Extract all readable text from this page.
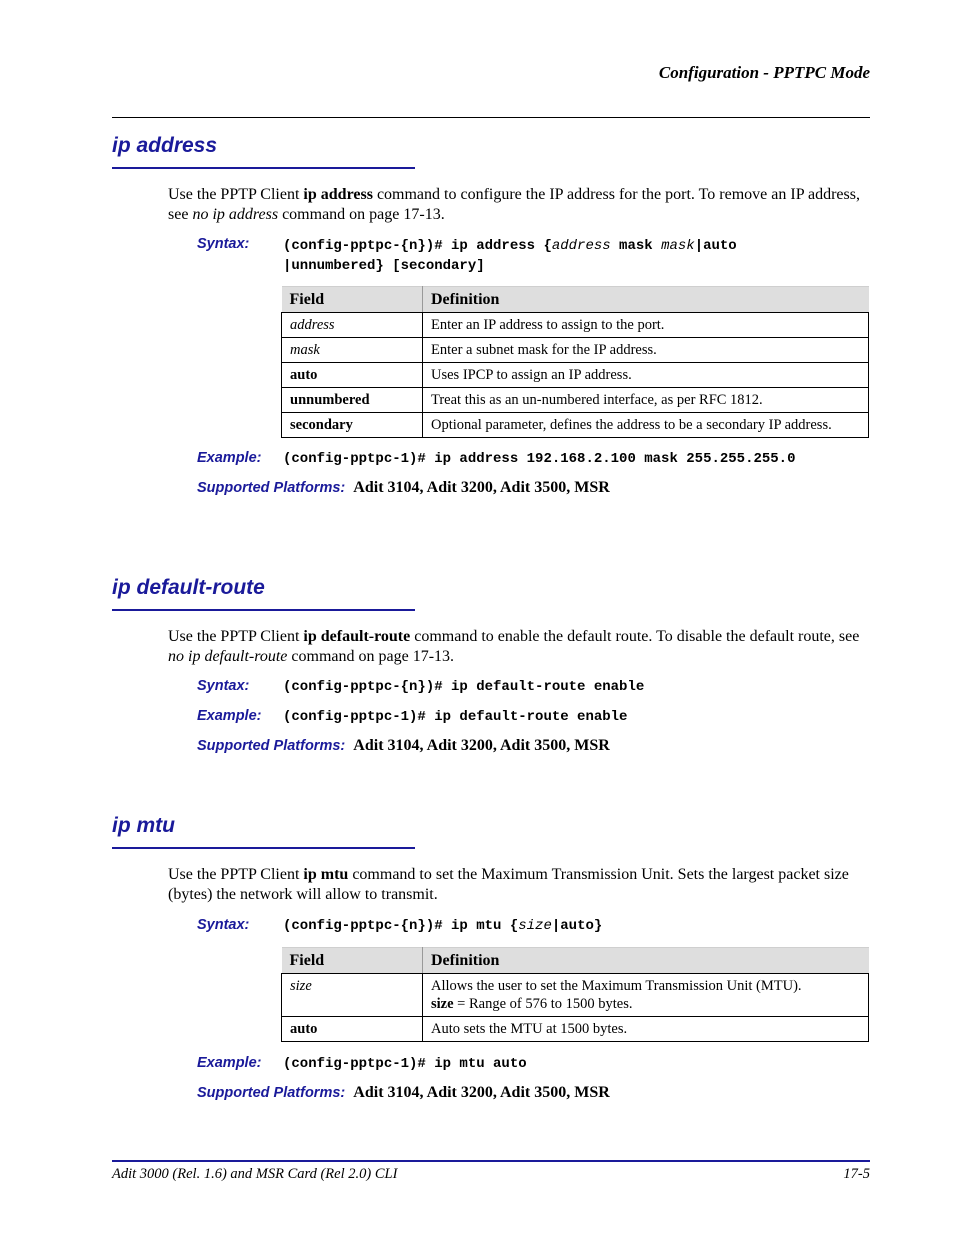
Configuration - PPTPC Mode
ip address
Use the PPTP Client ip address command to configure the IP address for the port. To remove an IP address, see no ip address command on page 17-13.
Syntax: (config-pptpc-{n})# ip address {address mask mask|auto
|unnumbered} [secondary]
Field	Definition
address	Enter an IP address to assign to the port.
mask	Enter a subnet mask for the IP address.
auto	Uses IPCP to assign an IP address.
unnumbered	Treat this as an un-numbered interface, as per RFC 1812.
secondary	Optional parameter, defines the address to be a secondary IP address.
Example: (config-pptpc-1)# ip address 192.168.2.100 mask 255.255.255.0
Supported Platforms: Adit 3104, Adit 3200, Adit 3500, MSR
ip default-route
Use the PPTP Client ip default-route command to enable the default route. To disable the default route, see no ip default-route command on page 17-13.
Syntax: (config-pptpc-{n})# ip default-route enable
Example: (config-pptpc-1)# ip default-route enable
Supported Platforms: Adit 3104, Adit 3200, Adit 3500, MSR
ip mtu
Use the PPTP Client ip mtu command to set the Maximum Transmission Unit. Sets the largest packet size (bytes) the network will allow to transmit.
Syntax: (config-pptpc-{n})# ip mtu {size|auto}
Field	Definition
size	Allows the user to set the Maximum Transmission Unit (MTU).
size = Range of 576 to 1500 bytes.
auto	Auto sets the MTU at 1500 bytes.
Example: (config-pptpc-1)# ip mtu auto
Supported Platforms: Adit 3104, Adit 3200, Adit 3500, MSR
Adit 3000 (Rel. 1.6) and MSR Card (Rel 2.0) CLI	17-5
